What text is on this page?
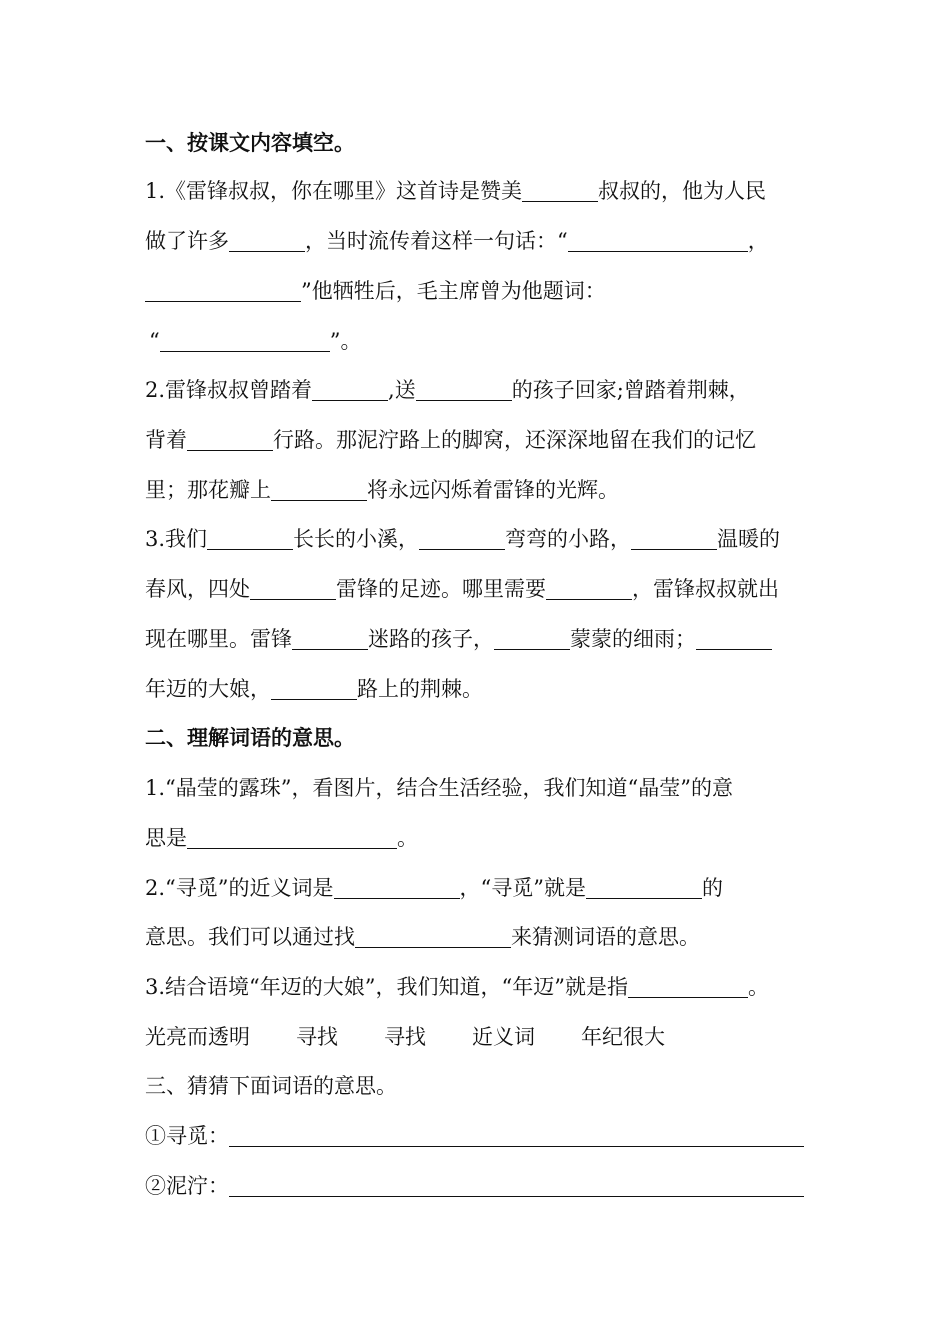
一、按课文内容填空。
1.《雷锋叔叔，你在哪里》这首诗是赞美	叔叔的，他为人民
做了许多	，当时流传着这样一句话：“	，
”他牺牲后，毛主席曾为他题词：
“	”。
2.雷锋叔叔曾踏着	,送	的孩子回家;曾踏着荆棘，
背着	行路。那泥泞路上的脚窝，还深深地留在我们的记忆
里；那花瓣上	将永远闪烁着雷锋的光辉。
3.我们	长长的小溪，	弯弯的小路，	温暖的
春风，四处	雷锋的足迹。哪里需要	，雷锋叔叔就出
现在哪里。雷锋	迷路的孩子，	蒙蒙的细雨；
年迈的大娘，	路上的荆棘。
二、理解词语的意思。
1.“晶莹的露珠”，看图片，结合生活经验，我们知道“晶莹”的意
思是	。
2.“寻觅”的近义词是	，“寻觅”就是	的
意思。我们可以通过找	来猜测词语的意思。
3.结合语境“年迈的大娘”，我们知道，“年迈”就是指	。
光亮而透明 寻找 寻找 近义词 年纪很大
三、猜猜下面词语的意思。
①寻觅：
②泥泞：
